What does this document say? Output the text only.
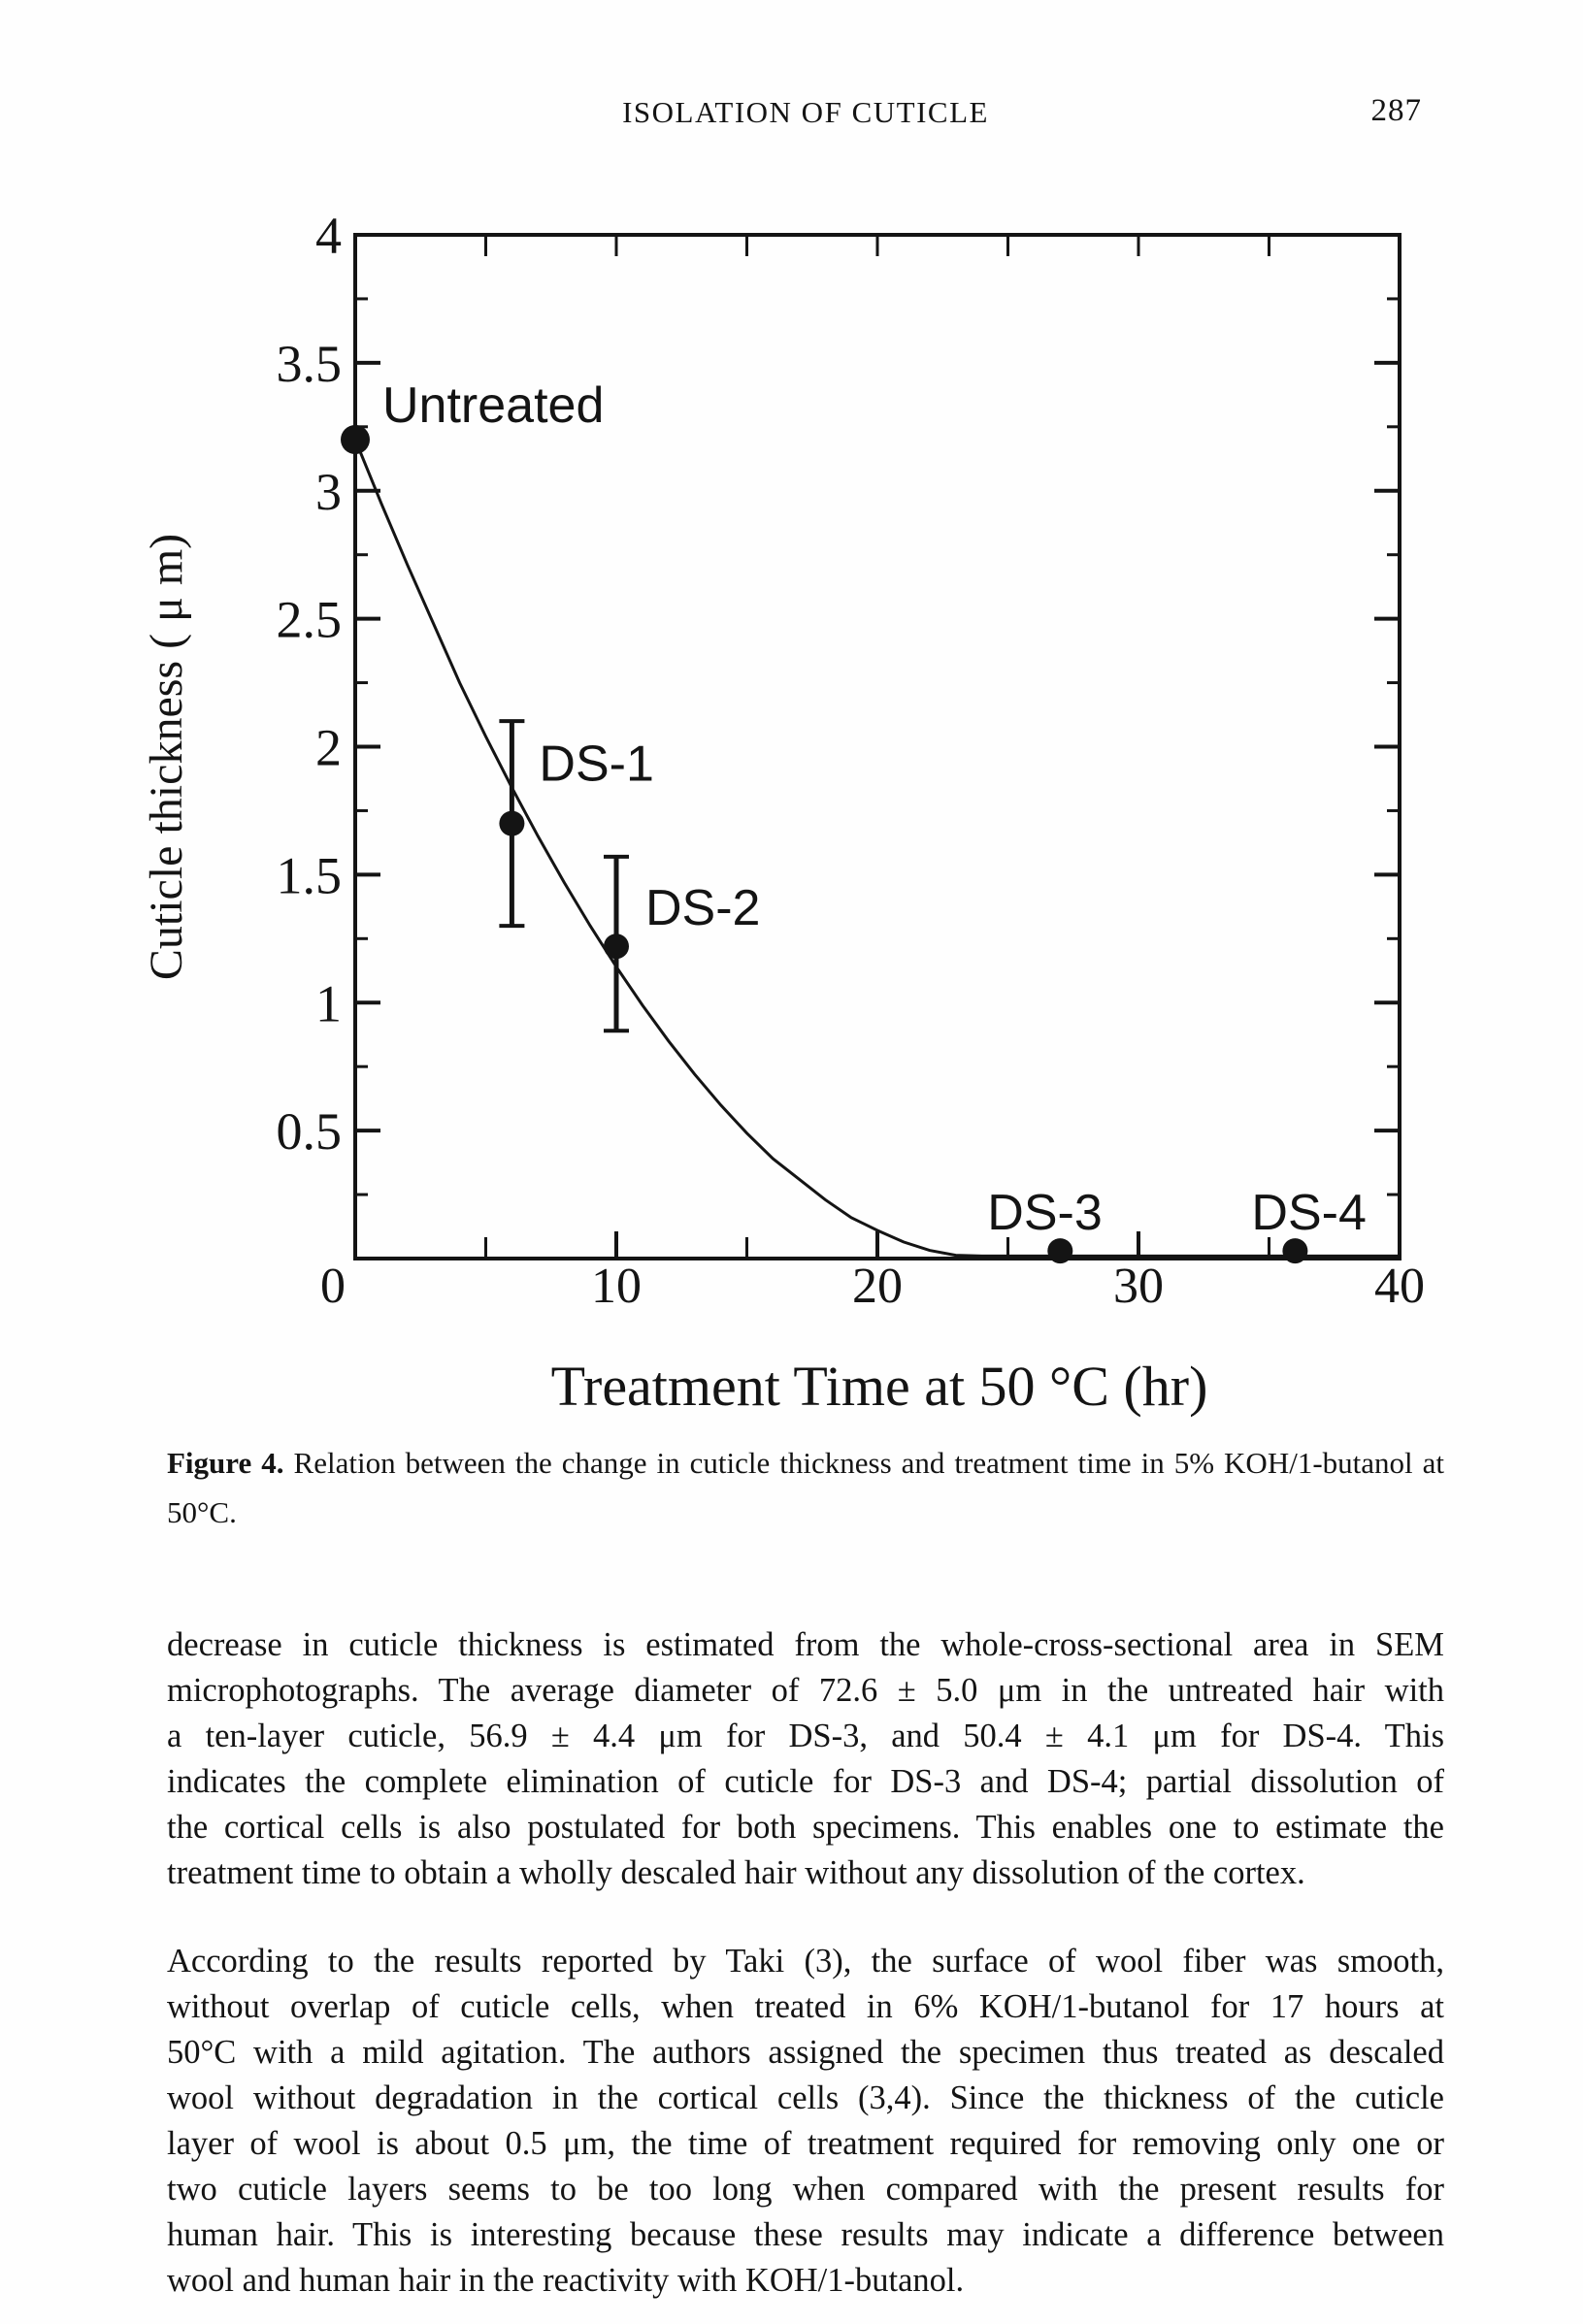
ISOLATION OF CUTICLE	287
0.5
1
1.5
2
2.5
3
3.5
4
0	10	20	30	40
Untreated
DS-1
DS-2
DS-3	DS-4
Treatment Time at 50 °C (hr)
Cuticle thickness ( μ m)
Figure 4. Relation between the change in cuticle thickness and treatment time in 5% KOH/1-butanol at
50°C.
decrease in cuticle thickness is estimated from the whole-cross-sectional area in SEM
microphotographs. The average diameter of 72.6 ± 5.0 μm in the untreated hair with
a ten-layer cuticle, 56.9 ± 4.4 μm for DS-3, and 50.4 ± 4.1 μm for DS-4. This
indicates the complete elimination of cuticle for DS-3 and DS-4; partial dissolution of
the cortical cells is also postulated for both specimens. This enables one to estimate the
treatment time to obtain a wholly descaled hair without any dissolution of the cortex.
According to the results reported by Taki (3), the surface of wool fiber was smooth,
without overlap of cuticle cells, when treated in 6% KOH/1-butanol for 17 hours at
50°C with a mild agitation. The authors assigned the specimen thus treated as descaled
wool without degradation in the cortical cells (3,4). Since the thickness of the cuticle
layer of wool is about 0.5 μm, the time of treatment required for removing only one or
two cuticle layers seems to be too long when compared with the present results for
human hair. This is interesting because these results may indicate a difference between
wool and human hair in the reactivity with KOH/1-butanol.
